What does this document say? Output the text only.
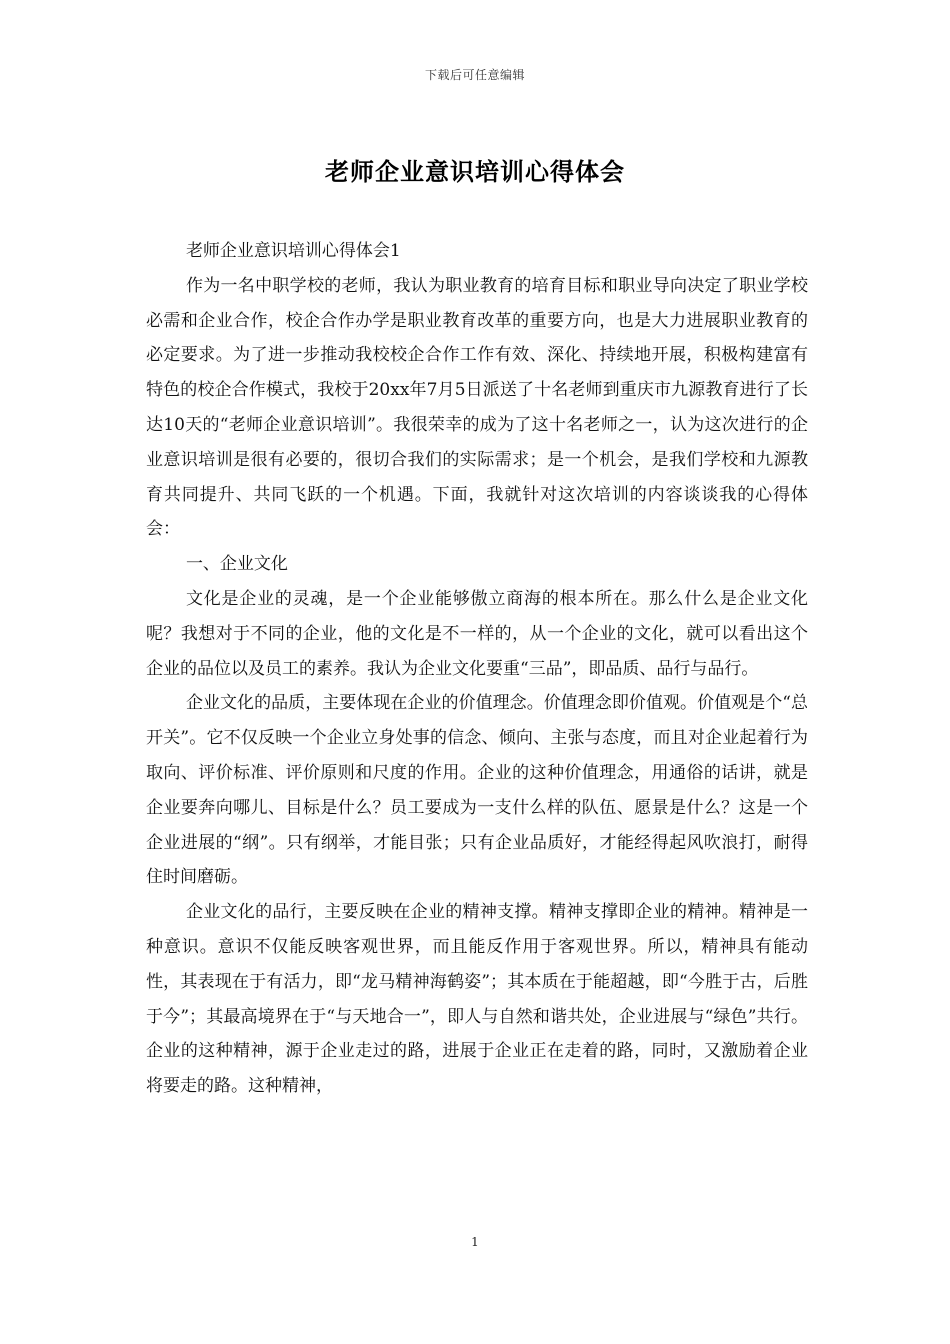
下载后可任意编辑
老师企业意识培训心得体会

老师企业意识培训心得体会1

作为一名中职学校的老师，我认为职业教育的培育目标和职业导向决定了职业学校必需和企业合作，校企合作办学是职业教育改革的重要方向，也是大力进展职业教育的必定要求。为了进一步推动我校校企合作工作有效、深化、持续地开展，积极构建富有特色的校企合作模式，我校于20xx年7月5日派送了十名老师到重庆市九源教育进行了长达10天的“老师企业意识培训”。我很荣幸的成为了这十名老师之一，认为这次进行的企业意识培训是很有必要的，很切合我们的实际需求；是一个机会，是我们学校和九源教育共同提升、共同飞跃的一个机遇。下面，我就针对这次培训的内容谈谈我的心得体会：

一、企业文化

文化是企业的灵魂，是一个企业能够傲立商海的根本所在。那么什么是企业文化呢？我想对于不同的企业，他的文化是不一样的，从一个企业的文化，就可以看出这个企业的品位以及员工的素养。我认为企业文化要重“三品”，即品质、品行与品行。

企业文化的品质，主要体现在企业的价值理念。价值理念即价值观。价值观是个“总开关”。它不仅反映一个企业立身处事的信念、倾向、主张与态度，而且对企业起着行为取向、评价标准、评价原则和尺度的作用。企业的这种价值理念，用通俗的话讲，就是企业要奔向哪儿、目标是什么？员工要成为一支什么样的队伍、愿景是什么？这是一个企业进展的“纲”。只有纲举，才能目张；只有企业品质好，才能经得起风吹浪打，耐得住时间磨砺。

企业文化的品行，主要反映在企业的精神支撑。精神支撑即企业的精神。精神是一种意识。意识不仅能反映客观世界，而且能反作用于客观世界。所以，精神具有能动性，其表现在于有活力，即“龙马精神海鹤姿”；其本质在于能超越，即“今胜于古，后胜于今”；其最高境界在于“与天地合一”，即人与自然和谐共处，企业进展与“绿色”共行。企业的这种精神，源于企业走过的路，进展于企业正在走着的路，同时，又激励着企业将要走的路。这种精神，

1
